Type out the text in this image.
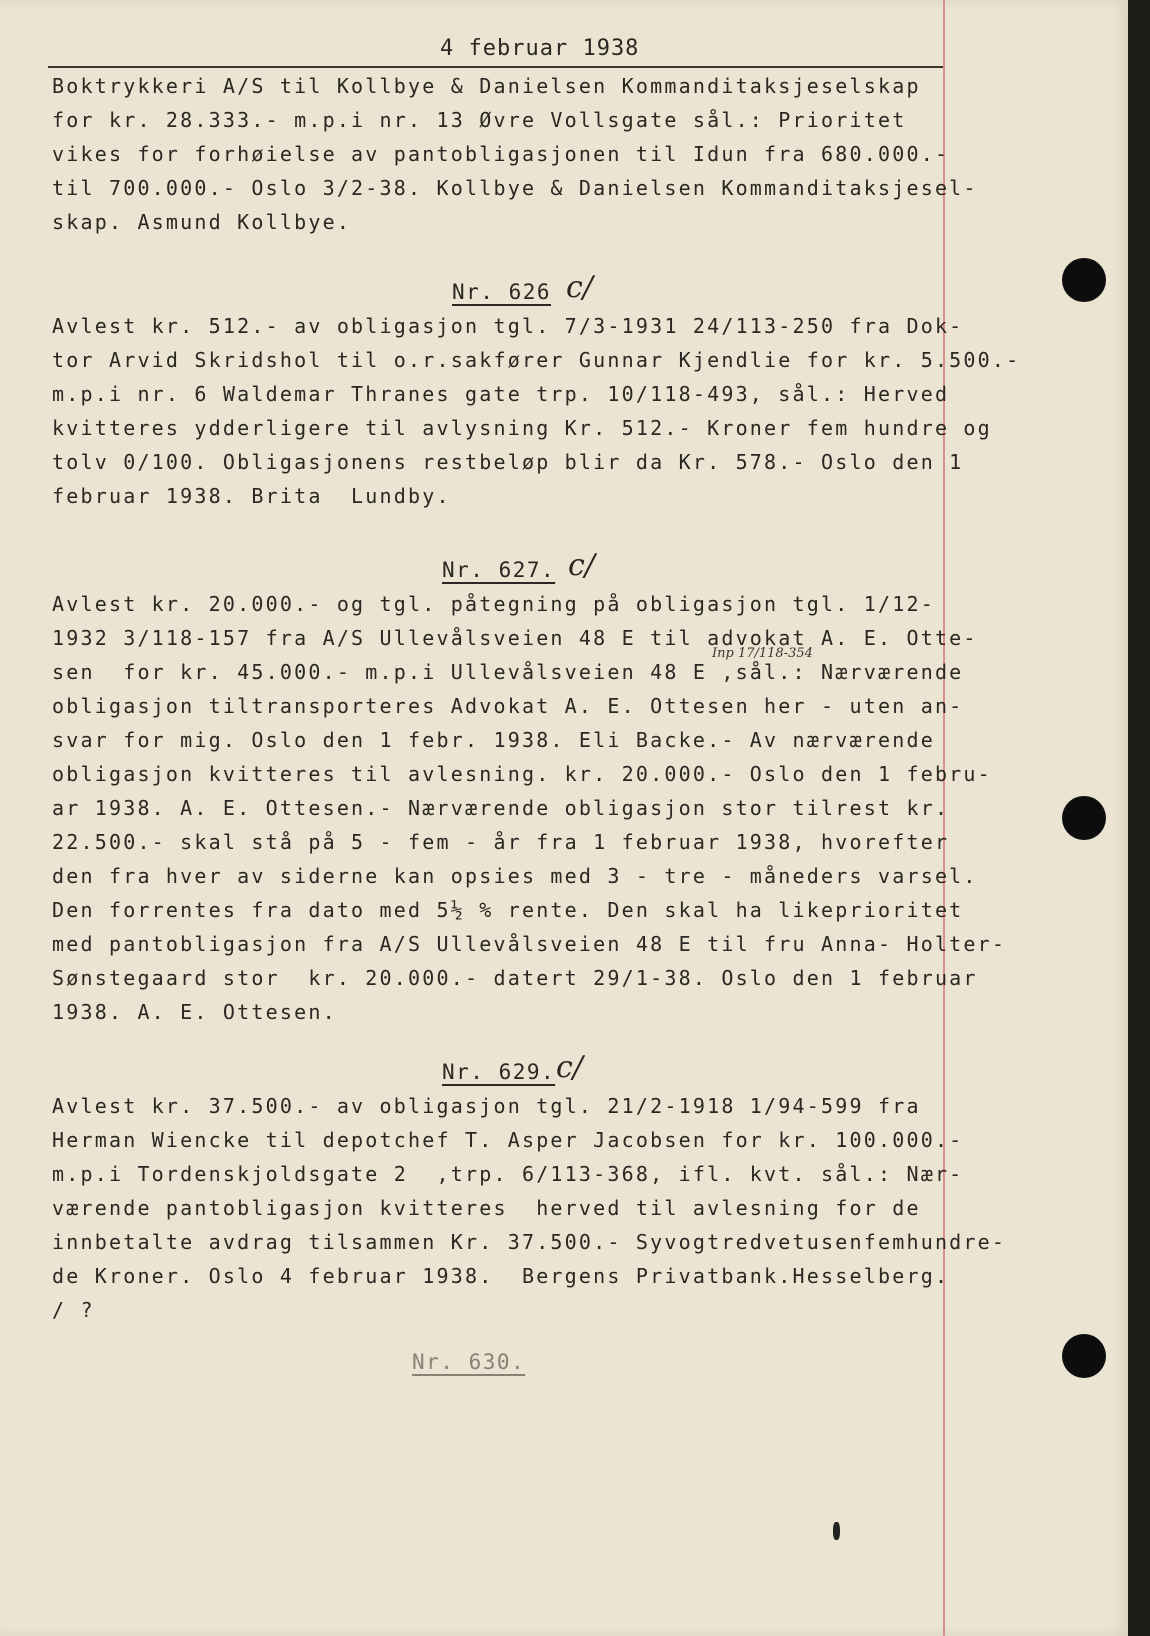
4 februar 1938
Boktrykkeri A/S til Kollbye & Danielsen Kommanditaksjeselskap
for kr. 28.333.- m.p.i nr. 13 Øvre Vollsgate sål.: Prioritet
vikes for forhøielse av pantobligasjonen til Idun fra 680.000.-
til 700.000.- Oslo 3/2-38. Kollbye & Danielsen Kommanditaksjesel-
skap. Asmund Kollbye.
Nr. 626 c/
Avlest kr. 512.- av obligasjon tgl. 7/3-1931 24/113-250 fra Dok-
tor Arvid Skridshol til o.r.sakfører Gunnar Kjendlie for kr. 5.500.-
m.p.i nr. 6 Waldemar Thranes gate trp. 10/118-493, sål.: Herved
kvitteres ydderligere til avlysning Kr. 512.- Kroner fem hundre og
tolv 0/100. Obligasjonens restbeløp blir da Kr. 578.- Oslo den 1
februar 1938. Brita  Lundby.
Nr. 627. c/
Inp 17/118-354
Avlest kr. 20.000.- og tgl. påtegning på obligasjon tgl. 1/12-
1932 3/118-157 fra A/S Ullevålsveien 48 E til advokat A. E. Otte-
sen  for kr. 45.000.- m.p.i Ullevålsveien 48 E ,sål.: Nærværende
obligasjon tiltransporteres Advokat A. E. Ottesen her - uten an-
svar for mig. Oslo den 1 febr. 1938. Eli Backe.- Av nærværende
obligasjon kvitteres til avlesning. kr. 20.000.- Oslo den 1 febru-
ar 1938. A. E. Ottesen.- Nærværende obligasjon stor tilrest kr.
22.500.- skal stå på 5 - fem - år fra 1 februar 1938, hvorefter
den fra hver av siderne kan opsies med 3 - tre - måneders varsel.
Den forrentes fra dato med 5½ % rente. Den skal ha likeprioritet
med pantobligasjon fra A/S Ullevålsveien 48 E til fru Anna- Holter-
Sønstegaard stor  kr. 20.000.- datert 29/1-38. Oslo den 1 februar
1938. A. E. Ottesen.
Nr. 629. c/
Avlest kr. 37.500.- av obligasjon tgl. 21/2-1918 1/94-599 fra
Herman Wiencke til depotchef T. Asper Jacobsen for kr. 100.000.-
m.p.i Tordenskjoldsgate 2  ,trp. 6/113-368, ifl. kvt. sål.: Nær-
værende pantobligasjon kvitteres  herved til avlesning for de
innbetalte avdrag tilsammen Kr. 37.500.- Syvogtredvetusenfemhundre-
de Kroner. Oslo 4 februar 1938.  Bergens Privatbank.Hesselberg.
/ ?
Nr. 630.
